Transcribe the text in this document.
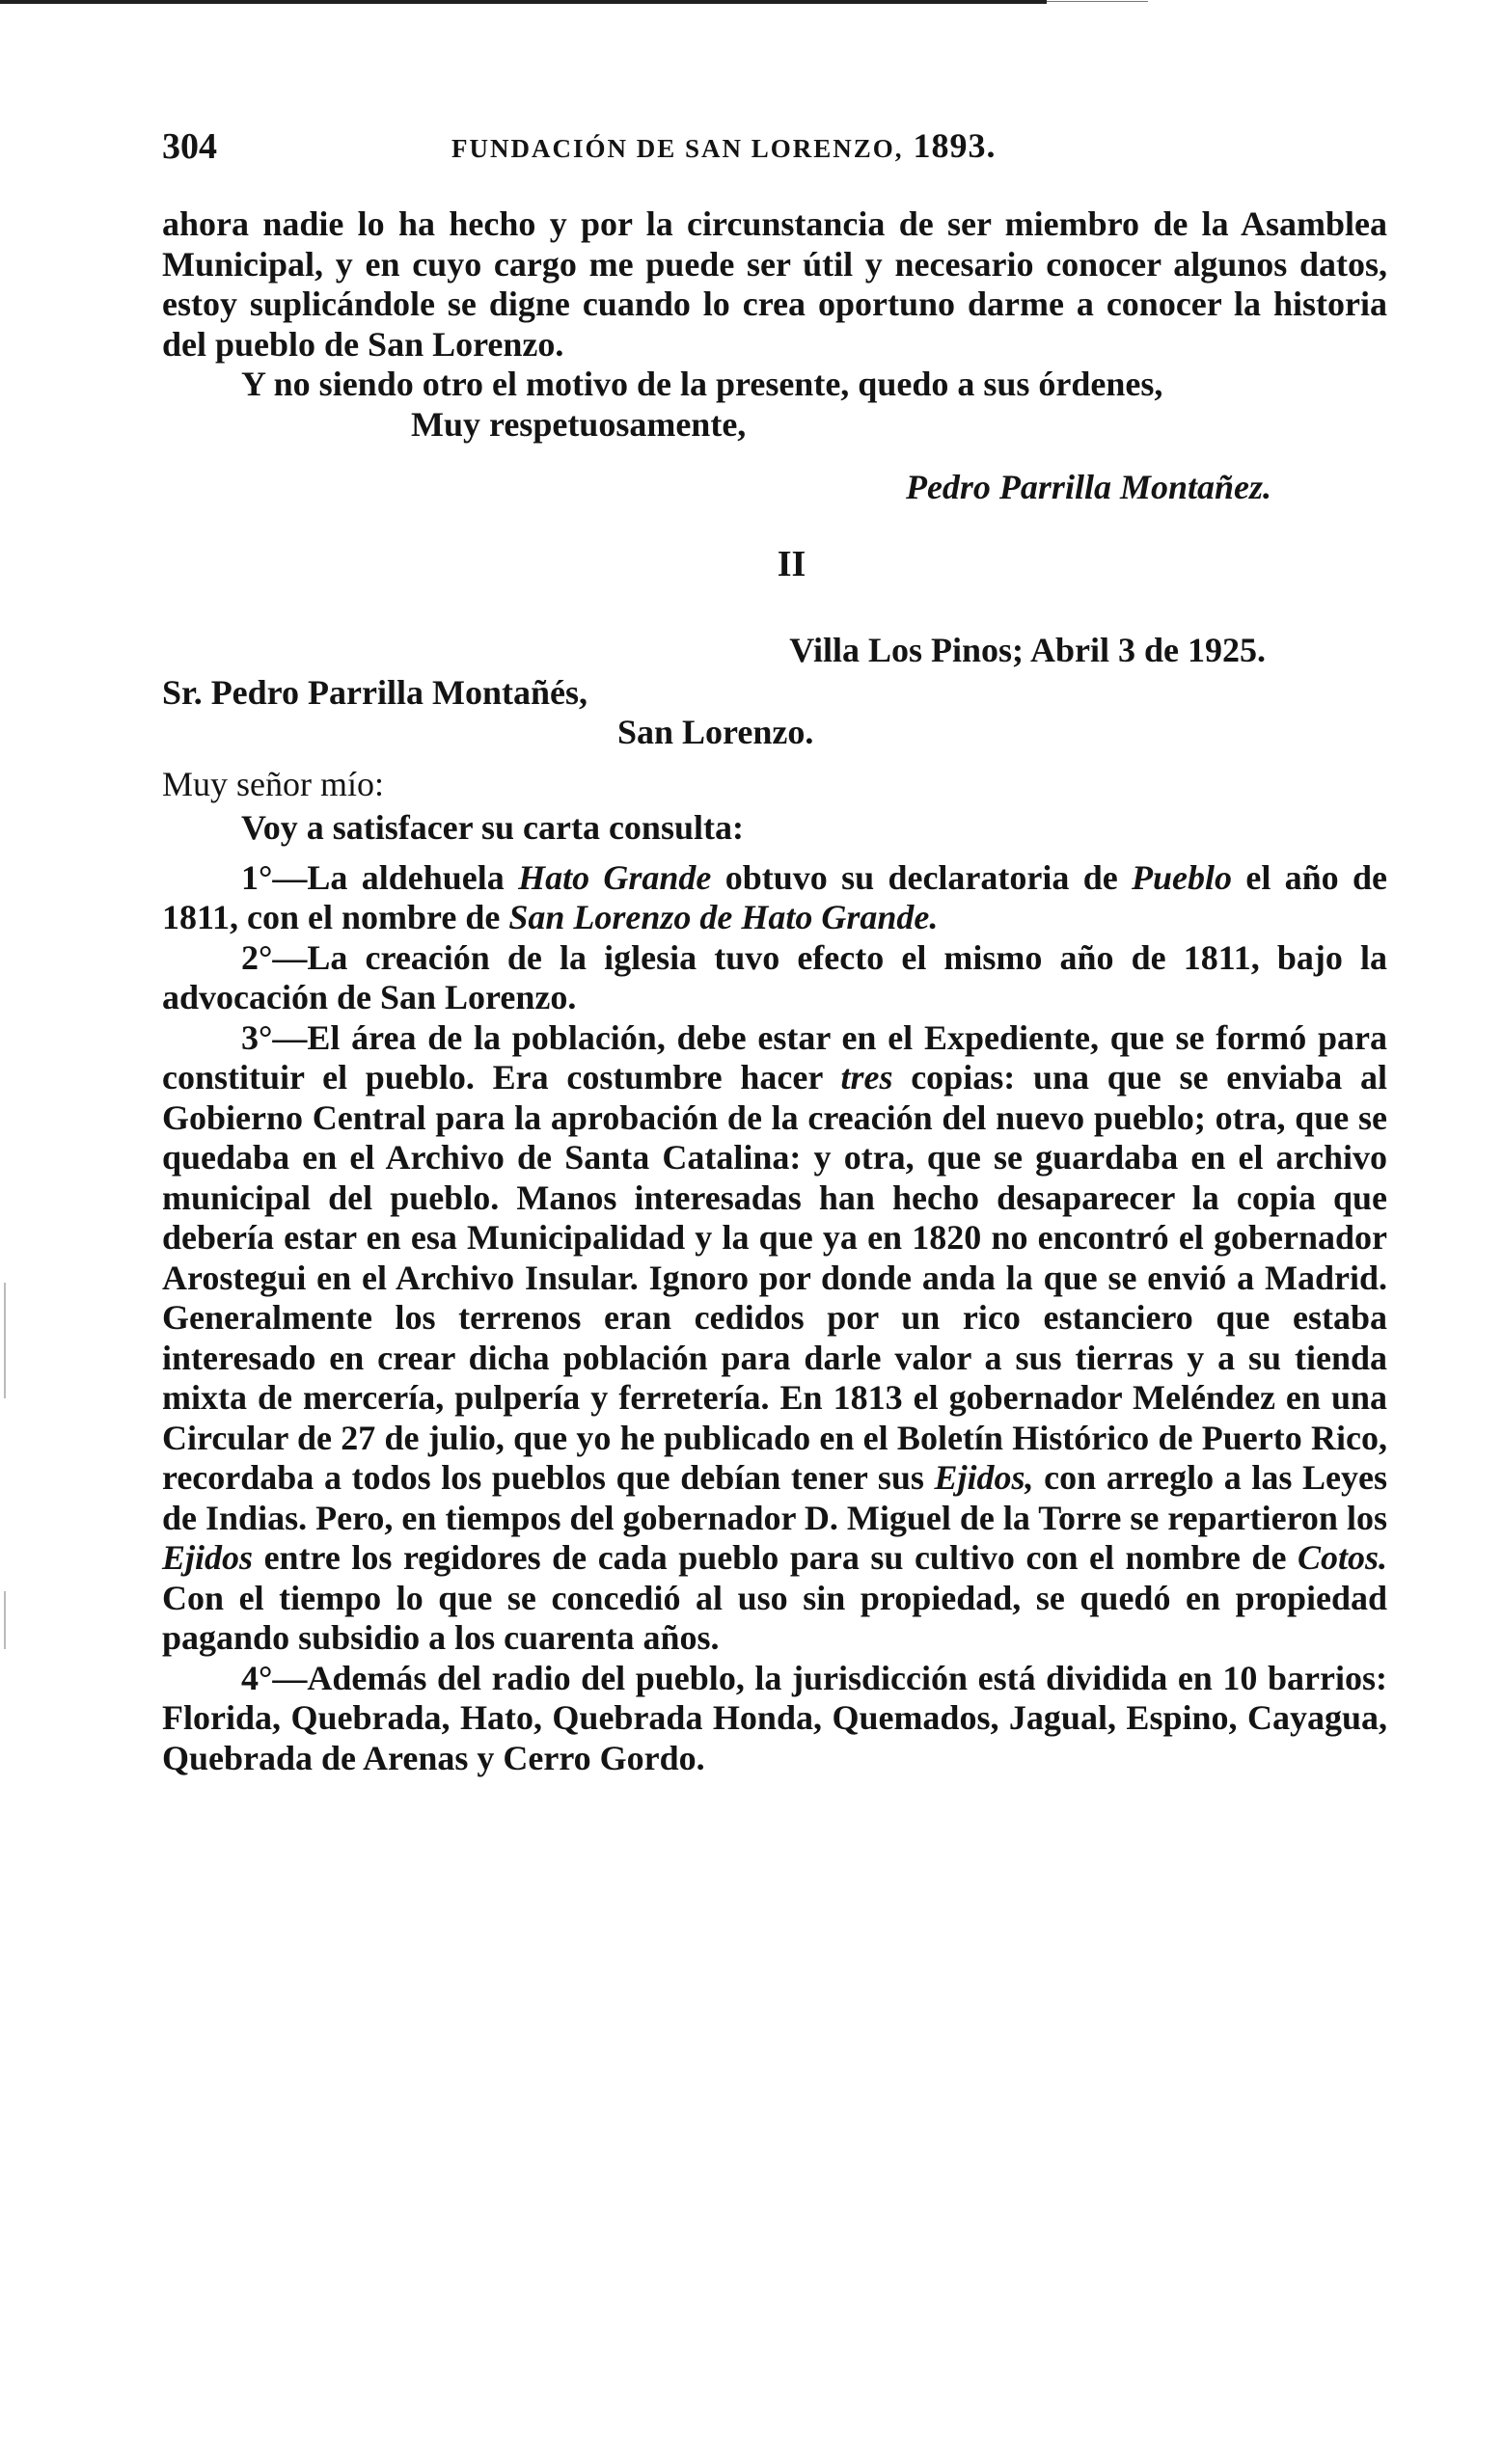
304	FUNDACIÓN DE SAN LORENZO, 1893.

ahora nadie lo ha hecho y por la circunstancia de ser miembro de la Asamblea Municipal, y en cuyo cargo me puede ser útil y necesario conocer algunos datos, estoy suplicándole se digne cuando lo crea oportuno darme a conocer la historia del pueblo de San Lorenzo.

Y no siendo otro el motivo de la presente, quedo a sus órdenes,

Muy respetuosamente,

Pedro Parrilla Montañez.

II

Villa Los Pinos; Abril 3 de 1925.

Sr. Pedro Parrilla Montañés,

San Lorenzo.

Muy señor mío:

Voy a satisfacer su carta consulta:

1°—La aldehuela Hato Grande obtuvo su declaratoria de Pueblo el año de 1811, con el nombre de San Lorenzo de Hato Grande.

2°—La creación de la iglesia tuvo efecto el mismo año de 1811, bajo la advocación de San Lorenzo.

3°—El área de la población, debe estar en el Expediente, que se formó para constituir el pueblo. Era costumbre hacer tres copias: una que se enviaba al Gobierno Central para la aprobación de la creación del nuevo pueblo; otra, que se quedaba en el Archivo de Santa Catalina: y otra, que se guardaba en el archivo municipal del pueblo. Manos interesadas han hecho desaparecer la copia que debería estar en esa Municipalidad y la que ya en 1820 no encontró el gobernador Arostegui en el Archivo Insular. Ignoro por donde anda la que se envió a Madrid. Generalmente los terrenos eran cedidos por un rico estanciero que estaba interesado en crear dicha población para darle valor a sus tierras y a su tienda mixta de mercería, pulpería y ferretería. En 1813 el gobernador Meléndez en una Circular de 27 de julio, que yo he publicado en el Boletín Histórico de Puerto Rico, recordaba a todos los pueblos que debían tener sus Ejidos, con arreglo a las Leyes de Indias. Pero, en tiempos del gobernador D. Miguel de la Torre se repartieron los Ejidos entre los regidores de cada pueblo para su cultivo con el nombre de Cotos. Con el tiempo lo que se concedió al uso sin propiedad, se quedó en propiedad pagando subsidio a los cuarenta años.

4°—Además del radio del pueblo, la jurisdicción está dividida en 10 barrios: Florida, Quebrada, Hato, Quebrada Honda, Quemados, Jagual, Espino, Cayagua, Quebrada de Arenas y Cerro Gordo.
